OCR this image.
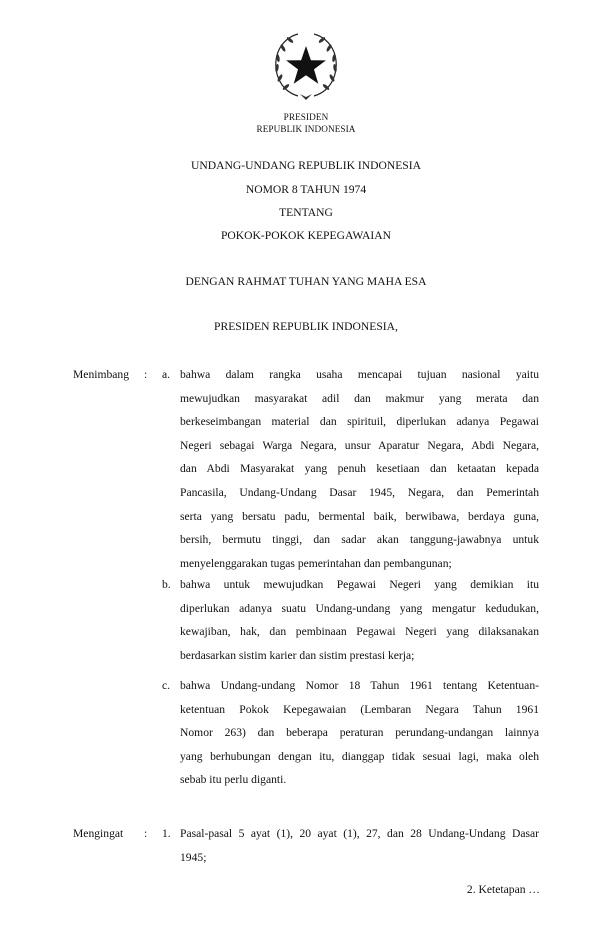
PRESIDEN
REPUBLIK INDONESIA
UNDANG-UNDANG REPUBLIK INDONESIA
NOMOR 8 TAHUN 1974
TENTANG
POKOK-POKOK KEPEGAWAIAN
DENGAN RAHMAT TUHAN YANG MAHA ESA
PRESIDEN REPUBLIK INDONESIA,
Menimbang : a. bahwa dalam rangka usaha mencapai tujuan nasional yaitu
mewujudkan masyarakat adil dan makmur yang merata dan
berkeseimbangan material dan spirituil, diperlukan adanya Pegawai
Negeri sebagai Warga Negara, unsur Aparatur Negara, Abdi Negara,
dan Abdi Masyarakat yang penuh kesetiaan dan ketaatan kepada
Pancasila, Undang-Undang Dasar 1945, Negara, dan Pemerintah
serta yang bersatu padu, bermental baik, berwibawa, berdaya guna,
bersih, bermutu tinggi, dan sadar akan tanggung-jawabnya untuk
menyelenggarakan tugas pemerintahan dan pembangunan;
b. bahwa untuk mewujudkan Pegawai Negeri yang demikian itu
diperlukan adanya suatu Undang-undang yang mengatur kedudukan,
kewajiban, hak, dan pembinaan Pegawai Negeri yang dilaksanakan
berdasarkan sistim karier dan sistim prestasi kerja;
c. bahwa Undang-undang Nomor 18 Tahun 1961 tentang Ketentuan-
ketentuan Pokok Kepegawaian (Lembaran Negara Tahun 1961
Nomor 263) dan beberapa peraturan perundang-undangan lainnya
yang berhubungan dengan itu, dianggap tidak sesuai lagi, maka oleh
sebab itu perlu diganti.
Mengingat : 1. Pasal-pasal 5 ayat (1), 20 ayat (1), 27, dan 28 Undang-Undang Dasar
1945;
2. Ketetapan …
